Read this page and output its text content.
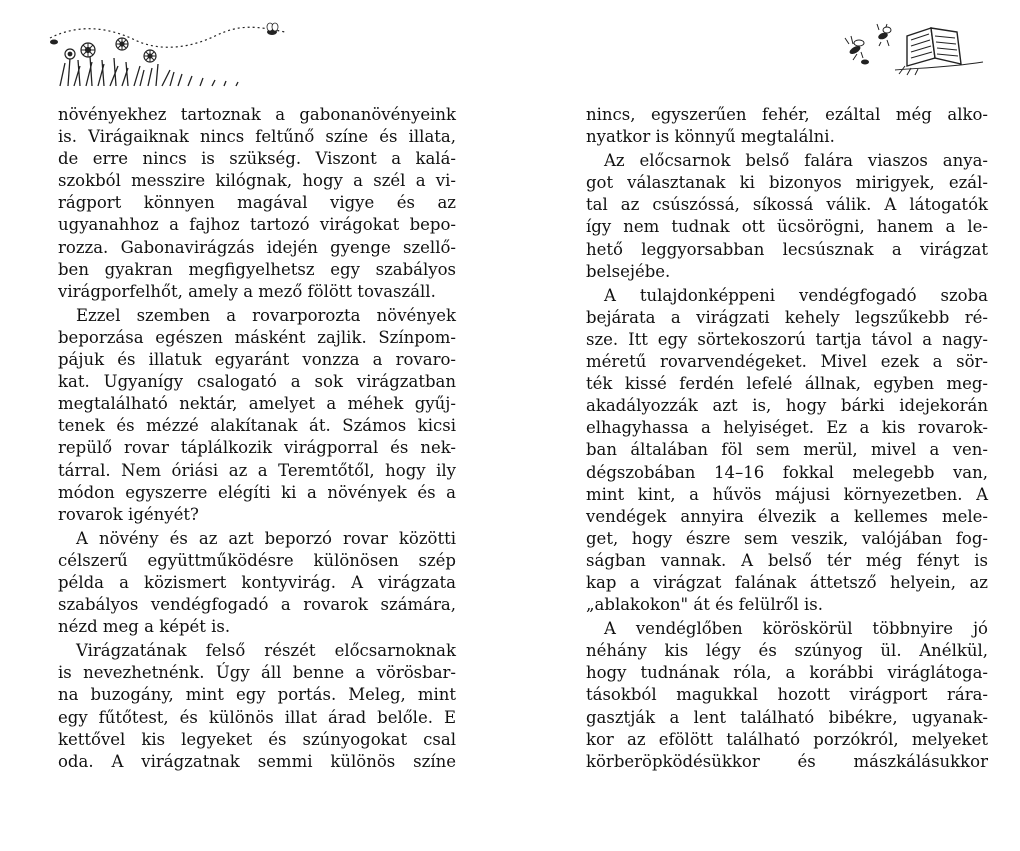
növényekhez tartoznak a gabonanövényeink
is. Virágaiknak nincs feltűnő színe és illata,
de erre nincs is szükség. Viszont a kalá-
szokból messzire kilógnak, hogy a szél a vi-
rágport könnyen magával vigye és az
ugyanahhoz a fajhoz tartozó virágokat bepo-
rozza. Gabonavirágzás idején gyenge szellő-
ben gyakran megfigyelhetsz egy szabályos
virágporfelhőt, amely a mező fölött tovaszáll.
Ezzel szemben a rovarporozta növények
beporzása egészen másként zajlik. Színpom-
pájuk és illatuk egyaránt vonzza a rovaro-
kat. Ugyanígy csalogató a sok virágzatban
megtalálható nektár, amelyet a méhek gyűj-
tenek és mézzé alakítanak át. Számos kicsi
repülő rovar táplálkozik virágporral és nek-
tárral. Nem óriási az a Teremtőtől, hogy ily
módon egyszerre elégíti ki a növények és a
rovarok igényét?
A növény és az azt beporzó rovar közötti
célszerű együttműködésre különösen szép
példa a közismert kontyvirág. A virágzata
szabályos vendégfogadó a rovarok számára,
nézd meg a képét is.
Virágzatának felső részét előcsarnoknak
is nevezhetnénk. Úgy áll benne a vörösbar-
na buzogány, mint egy portás. Meleg, mint
egy fűtőtest, és különös illat árad belőle. E
kettővel kis legyeket és szúnyogokat csal
oda. A virágzatnak semmi különös színe
nincs, egyszerűen fehér, ezáltal még alko-
nyatkor is könnyű megtalálni.
Az előcsarnok belső falára viaszos anya-
got választanak ki bizonyos mirigyek, ezál-
tal az csúszóssá, síkossá válik. A látogatók
így nem tudnak ott ücsörögni, hanem a le-
hető leggyorsabban lecsúsznak a virágzat
belsejébe.
A tulajdonképpeni vendégfogadó szoba
bejárata a virágzati kehely legszűkebb ré-
sze. Itt egy sörtekoszorú tartja távol a nagy-
méretű rovarvendégeket. Mivel ezek a sör-
ték kissé ferdén lefelé állnak, egyben meg-
akadályozzák azt is, hogy bárki idejekorán
elhagyhassa a helyiséget. Ez a kis rovarok-
ban általában föl sem merül, mivel a ven-
dégszobában 14–16 fokkal melegebb van,
mint kint, a hűvös májusi környezetben. A
vendégek annyira élvezik a kellemes mele-
get, hogy észre sem veszik, valójában fog-
ságban vannak. A belső tér még fényt is
kap a virágzat falának áttetsző helyein, az
„ablakokon" át és felülről is.
A vendéglőben köröskörül többnyire jó
néhány kis légy és szúnyog ül. Anélkül,
hogy tudnának róla, a korábbi viráglátoga-
tásokból magukkal hozott virágport rára-
gasztják a lent található bibékre, ugyanak-
kor az efölött található porzókról, melyeket
körberöpködésükkor és mászkálásukkor
